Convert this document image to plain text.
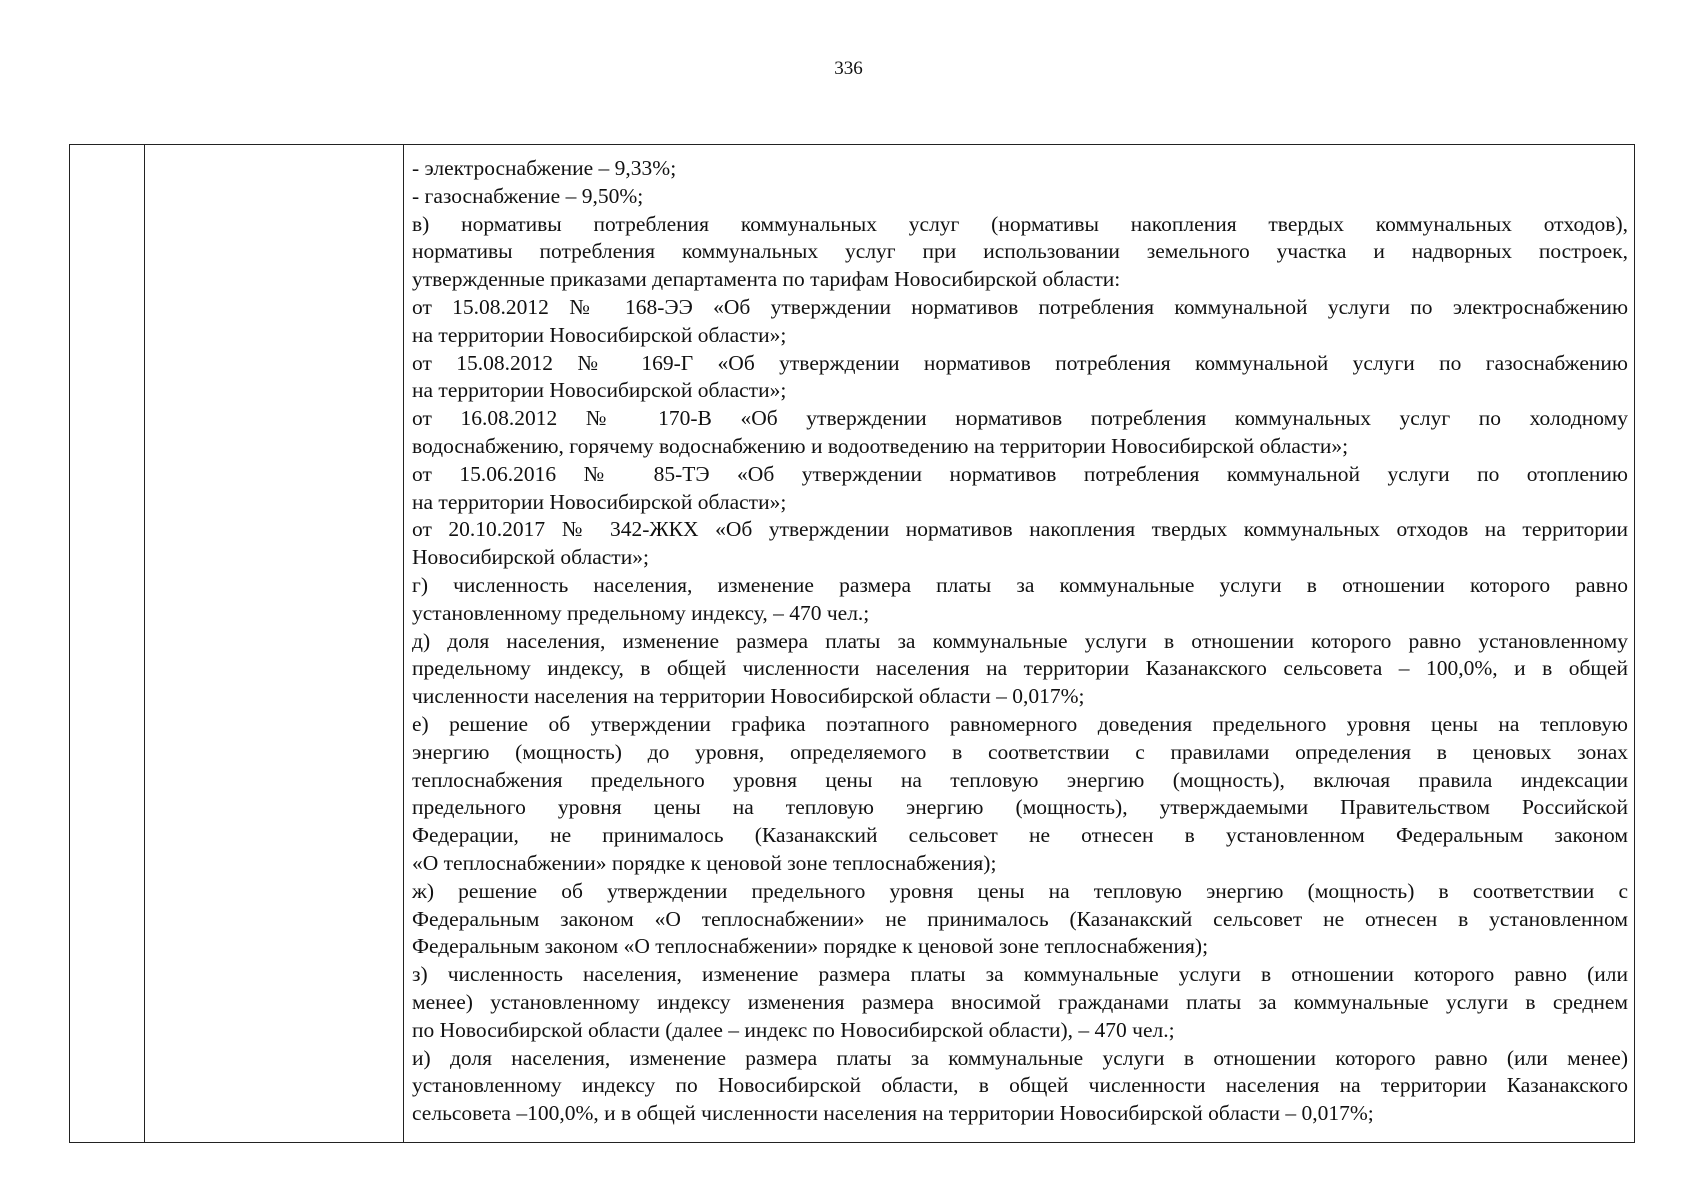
336

- электроснабжение – 9,33%;
- газоснабжение – 9,50%;
в) нормативы потребления коммунальных услуг (нормативы накопления твердых коммунальных отходов),
нормативы потребления коммунальных услуг при использовании земельного участка и надворных построек,
утвержденные приказами департамента по тарифам Новосибирской области:
от 15.08.2012 № 168-ЭЭ «Об утверждении нормативов потребления коммунальной услуги по электроснабжению
на территории Новосибирской области»;
от 15.08.2012 № 169-Г «Об утверждении нормативов потребления коммунальной услуги по газоснабжению
на территории Новосибирской области»;
от 16.08.2012 № 170-В «Об утверждении нормативов потребления коммунальных услуг по холодному
водоснабжению, горячему водоснабжению и водоотведению на территории Новосибирской области»;
от 15.06.2016 № 85-ТЭ «Об утверждении нормативов потребления коммунальной услуги по отоплению
на территории Новосибирской области»;
от 20.10.2017 № 342-ЖКХ «Об утверждении нормативов накопления твердых коммунальных отходов на территории
Новосибирской области»;
г) численность населения, изменение размера платы за коммунальные услуги в отношении которого равно
установленному предельному индексу, – 470 чел.;
д) доля населения, изменение размера платы за коммунальные услуги в отношении которого равно установленному
предельному индексу, в общей численности населения на территории Казанакского сельсовета – 100,0%, и в общей
численности населения на территории Новосибирской области – 0,017%;
е) решение об утверждении графика поэтапного равномерного доведения предельного уровня цены на тепловую
энергию (мощность) до уровня, определяемого в соответствии с правилами определения в ценовых зонах
теплоснабжения предельного уровня цены на тепловую энергию (мощность), включая правила индексации
предельного уровня цены на тепловую энергию (мощность), утверждаемыми Правительством Российской
Федерации, не принималось (Казанакский сельсовет не отнесен в установленном Федеральным законом
«О теплоснабжении» порядке к ценовой зоне теплоснабжения);
ж) решение об утверждении предельного уровня цены на тепловую энергию (мощность) в соответствии с
Федеральным законом «О теплоснабжении» не принималось (Казанакский сельсовет не отнесен в установленном
Федеральным законом «О теплоснабжении» порядке к ценовой зоне теплоснабжения);
з) численность населения, изменение размера платы за коммунальные услуги в отношении которого равно (или
менее) установленному индексу изменения размера вносимой гражданами платы за коммунальные услуги в среднем
по Новосибирской области (далее – индекс по Новосибирской области), – 470 чел.;
и) доля населения, изменение размера платы за коммунальные услуги в отношении которого равно (или менее)
установленному индексу по Новосибирской области, в общей численности населения на территории Казанакского
сельсовета –100,0%, и в общей численности населения на территории Новосибирской области – 0,017%;
